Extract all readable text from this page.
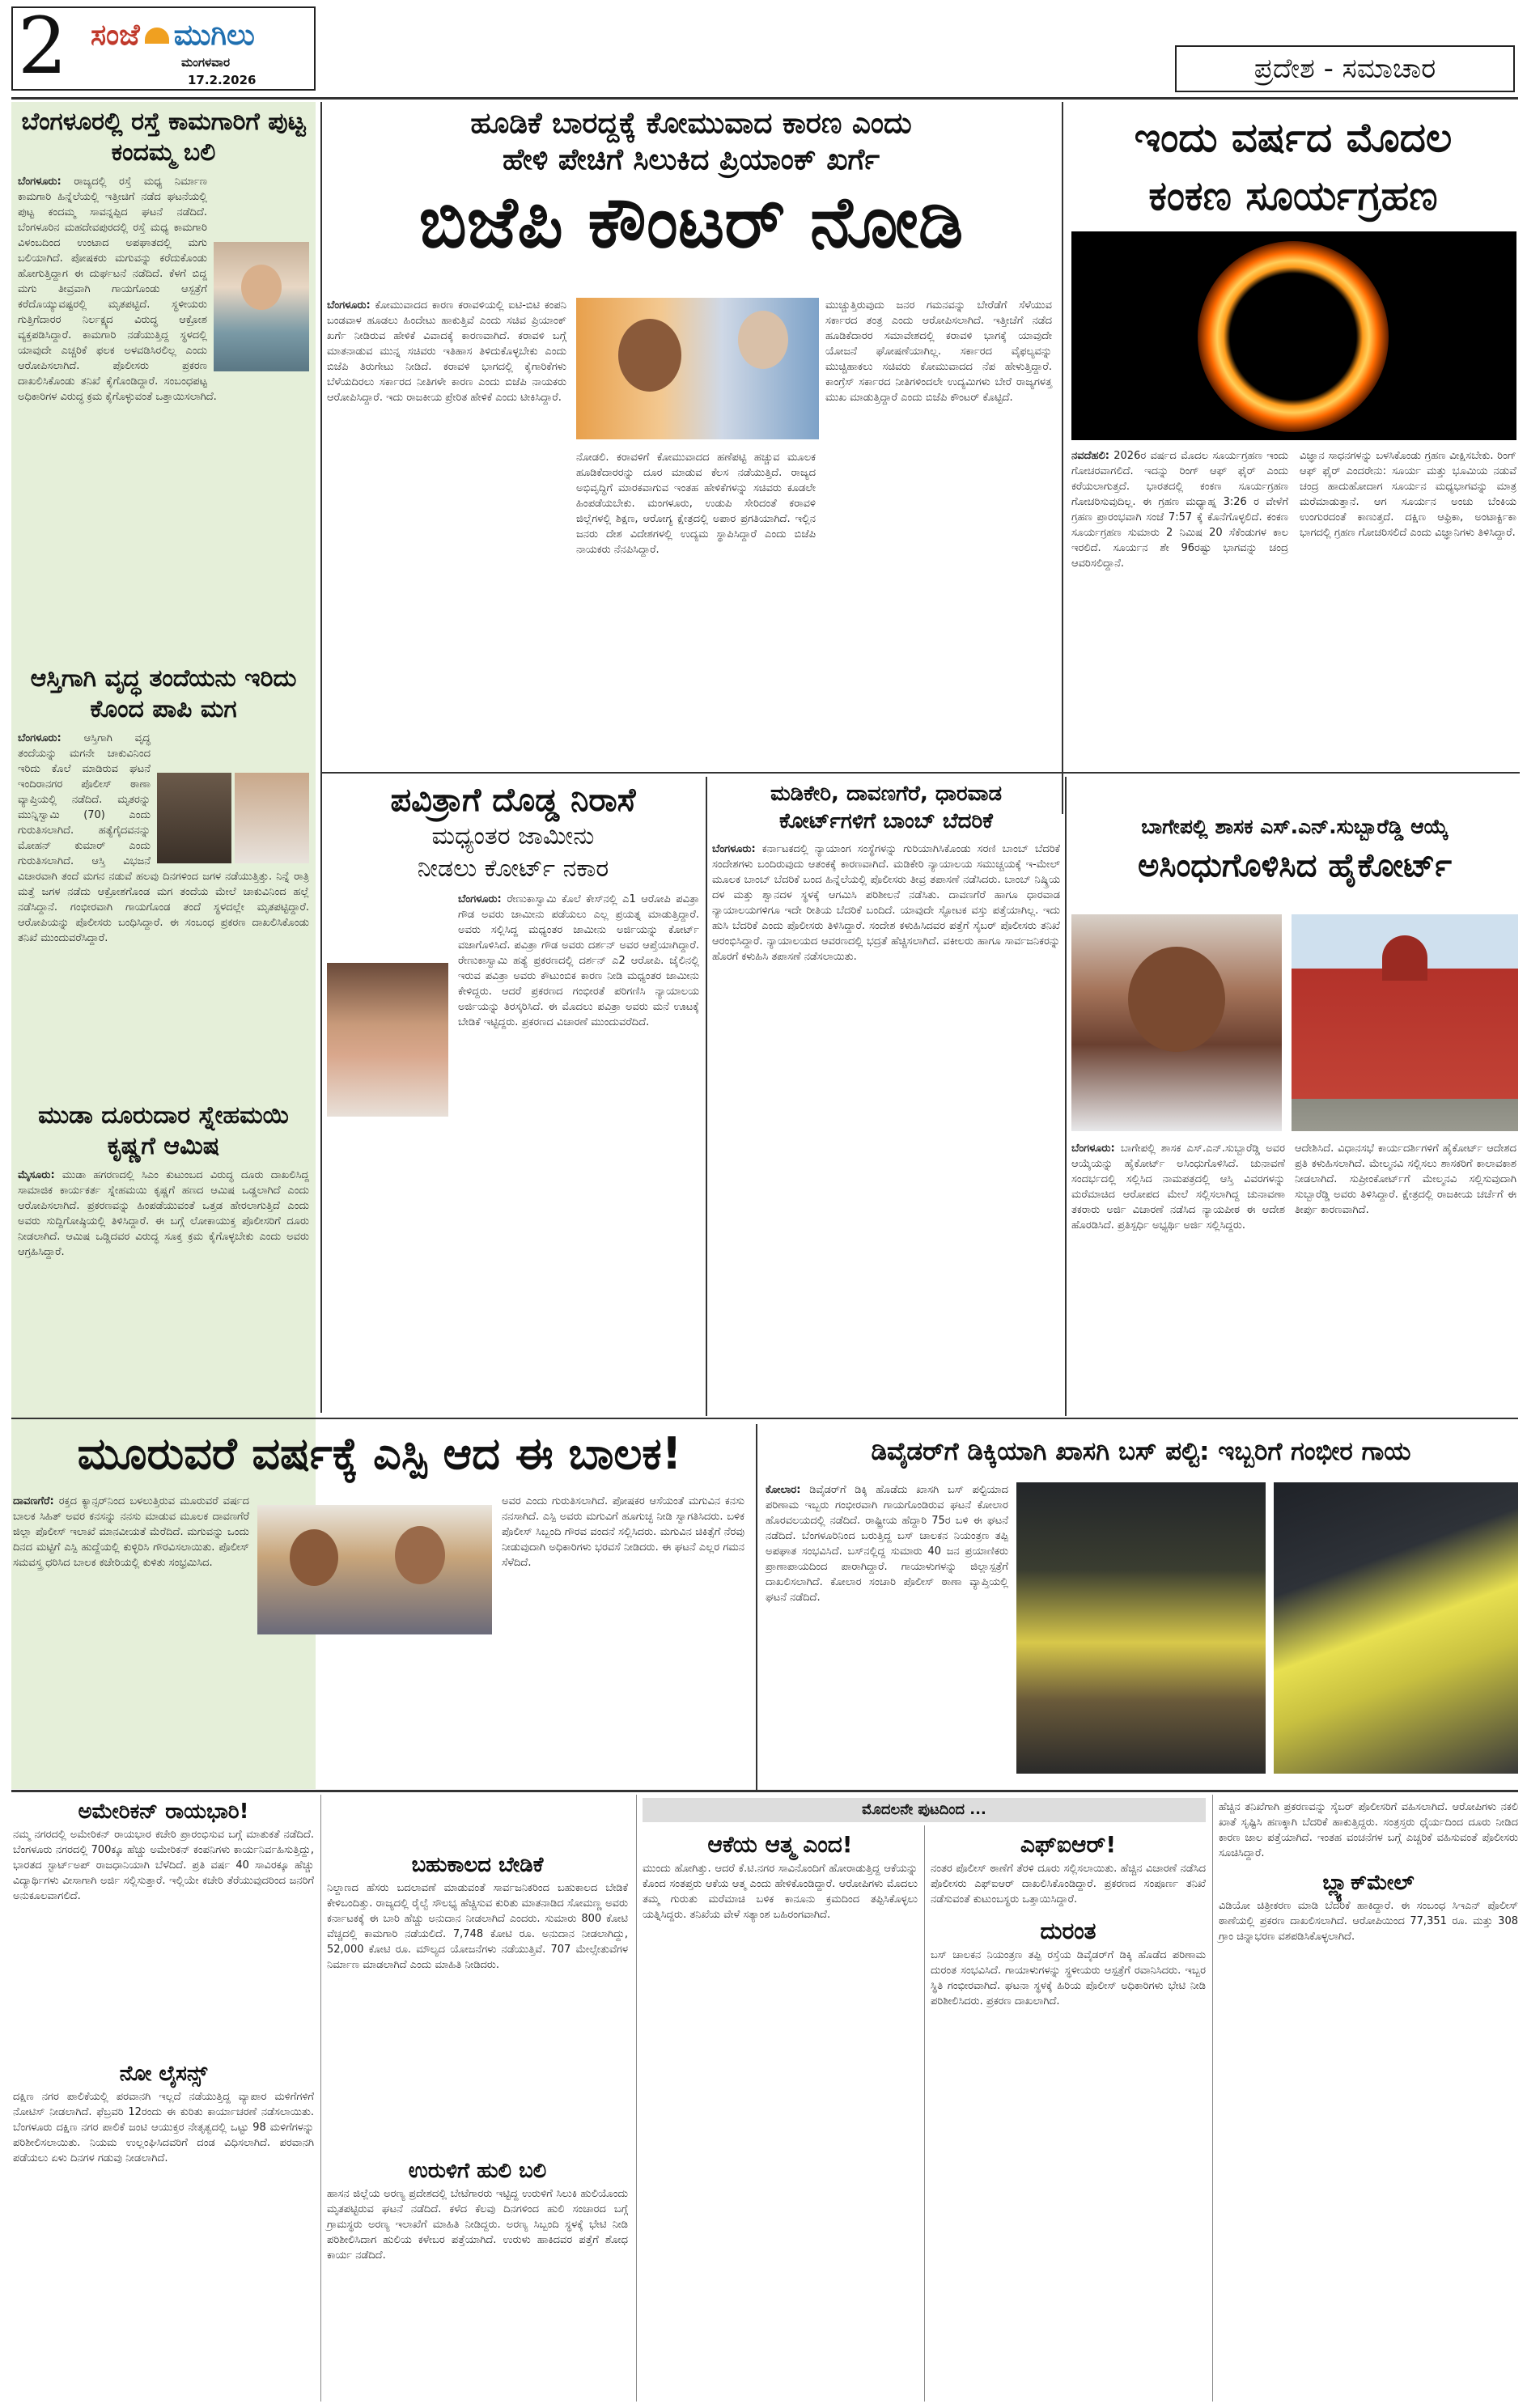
2 ಸಂಜೆ ಮುಗಿಲು
ಮಂಗಳವಾರ
17.2.2026	ಪ್ರದೇಶ - ಸಮಾಚಾರ
ಬೆಂಗಳೂರಲ್ಲಿ ರಸ್ತೆ ಕಾಮಗಾರಿಗೆ ಪುಟ್ಟ ಕಂದಮ್ಮ ಬಲಿ
ಬೆಂಗಳೂರು: ರಾಜ್ಯದಲ್ಲಿ ರಸ್ತೆ ಮಧ್ಯ ನಿರ್ಮಾಣ ಕಾಮಗಾರಿ ಹಿನ್ನೆಲೆಯಲ್ಲಿ ಇತ್ತೀಚಿಗೆ ನಡೆದ ಘಟನೆಯಲ್ಲಿ ಪುಟ್ಟ ಕಂದಮ್ಮ ಸಾವನ್ನಪ್ಪಿದ ಘಟನೆ ನಡೆದಿದೆ. ಬೆಂಗಳೂರಿನ ಮಹದೇವಪುರದಲ್ಲಿ ರಸ್ತೆ ಮಧ್ಯ ಕಾಮಗಾರಿ ವಿಳಂಬದಿಂದ ಉಂಟಾದ ಅಪಘಾತದಲ್ಲಿ ಮಗು ಬಲಿಯಾಗಿದೆ. ಪೋಷಕರು ಮಗುವನ್ನು ಕರೆದುಕೊಂಡು ಹೋಗುತ್ತಿದ್ದಾಗ ಈ ದುರ್ಘಟನೆ ನಡೆದಿದೆ. ಕೆಳಗೆ ಬಿದ್ದ ಮಗು ತೀವ್ರವಾಗಿ ಗಾಯಗೊಂಡು ಆಸ್ಪತ್ರೆಗೆ ಕರೆದೊಯ್ಯುವಷ್ಟರಲ್ಲಿ ಮೃತಪಟ್ಟಿದೆ. ಸ್ಥಳೀಯರು ಗುತ್ತಿಗೆದಾರರ ನಿರ್ಲಕ್ಷ್ಯದ ವಿರುದ್ಧ ಆಕ್ರೋಶ ವ್ಯಕ್ತಪಡಿಸಿದ್ದಾರೆ. ಕಾಮಗಾರಿ ನಡೆಯುತ್ತಿದ್ದ ಸ್ಥಳದಲ್ಲಿ ಯಾವುದೇ ಎಚ್ಚರಿಕೆ ಫಲಕ ಅಳವಡಿಸಿರಲಿಲ್ಲ ಎಂದು ಆರೋಪಿಸಲಾಗಿದೆ. ಪೊಲೀಸರು ಪ್ರಕರಣ ದಾಖಲಿಸಿಕೊಂಡು ತನಿಖೆ ಕೈಗೊಂಡಿದ್ದಾರೆ. ಸಂಬಂಧಪಟ್ಟ ಅಧಿಕಾರಿಗಳ ವಿರುದ್ಧ ಕ್ರಮ ಕೈಗೊಳ್ಳುವಂತೆ ಒತ್ತಾಯಿಸಲಾಗಿದೆ.
ಆಸ್ತಿಗಾಗಿ ವೃದ್ಧ ತಂದೆಯನು ಇರಿದು ಕೊಂದ ಪಾಪಿ ಮಗ
ಬೆಂಗಳೂರು: ಆಸ್ತಿಗಾಗಿ ವೃದ್ಧ ತಂದೆಯನ್ನು ಮಗನೇ ಚಾಕುವಿನಿಂದ ಇರಿದು ಕೊಲೆ ಮಾಡಿರುವ ಘಟನೆ ಇಂದಿರಾನಗರ ಪೊಲೀಸ್ ಠಾಣಾ ವ್ಯಾಪ್ತಿಯಲ್ಲಿ ನಡೆದಿದೆ. ಮೃತರನ್ನು ಮುನ್ನಿಸ್ವಾಮಿ (70) ಎಂದು ಗುರುತಿಸಲಾಗಿದೆ. ಹತ್ಯೆಗೈದವನನ್ನು ಮೋಹನ್ ಕುಮಾರ್ ಎಂದು ಗುರುತಿಸಲಾಗಿದೆ. ಆಸ್ತಿ ವಿಭಜನೆ ವಿಚಾರವಾಗಿ ತಂದೆ ಮಗನ ನಡುವೆ ಹಲವು ದಿನಗಳಿಂದ ಜಗಳ ನಡೆಯುತ್ತಿತ್ತು. ನಿನ್ನೆ ರಾತ್ರಿ ಮತ್ತೆ ಜಗಳ ನಡೆದು ಆಕ್ರೋಶಗೊಂಡ ಮಗ ತಂದೆಯ ಮೇಲೆ ಚಾಕುವಿನಿಂದ ಹಲ್ಲೆ ನಡೆಸಿದ್ದಾನೆ. ಗಂಭೀರವಾಗಿ ಗಾಯಗೊಂಡ ತಂದೆ ಸ್ಥಳದಲ್ಲೇ ಮೃತಪಟ್ಟಿದ್ದಾರೆ. ಆರೋಪಿಯನ್ನು ಪೊಲೀಸರು ಬಂಧಿಸಿದ್ದಾರೆ. ಈ ಸಂಬಂಧ ಪ್ರಕರಣ ದಾಖಲಿಸಿಕೊಂಡು ತನಿಖೆ ಮುಂದುವರೆಸಿದ್ದಾರೆ.
ಮುಡಾ ದೂರುದಾರ ಸ್ನೇಹಮಯಿ ಕೃಷ್ಣಗೆ ಆಮಿಷ
ಮೈಸೂರು: ಮುಡಾ ಹಗರಣದಲ್ಲಿ ಸಿಎಂ ಕುಟುಂಬದ ವಿರುದ್ಧ ದೂರು ದಾಖಲಿಸಿದ್ದ ಸಾಮಾಜಿಕ ಕಾರ್ಯಕರ್ತ ಸ್ನೇಹಮಯಿ ಕೃಷ್ಣಗೆ ಹಣದ ಆಮಿಷ ಒಡ್ಡಲಾಗಿದೆ ಎಂದು ಆರೋಪಿಸಲಾಗಿದೆ. ಪ್ರಕರಣವನ್ನು ಹಿಂಪಡೆಯುವಂತೆ ಒತ್ತಡ ಹೇರಲಾಗುತ್ತಿದೆ ಎಂದು ಅವರು ಸುದ್ದಿಗೋಷ್ಠಿಯಲ್ಲಿ ತಿಳಿಸಿದ್ದಾರೆ. ಈ ಬಗ್ಗೆ ಲೋಕಾಯುಕ್ತ ಪೊಲೀಸರಿಗೆ ದೂರು ನೀಡಲಾಗಿದೆ. ಆಮಿಷ ಒಡ್ಡಿದವರ ವಿರುದ್ಧ ಸೂಕ್ತ ಕ್ರಮ ಕೈಗೊಳ್ಳಬೇಕು ಎಂದು ಅವರು ಆಗ್ರಹಿಸಿದ್ದಾರೆ.
ಹೂಡಿಕೆ ಬಾರದ್ದಕ್ಕೆ ಕೋಮುವಾದ ಕಾರಣ ಎಂದು
ಹೇಳಿ ಪೇಚಿಗೆ ಸಿಲುಕಿದ ಪ್ರಿಯಾಂಕ್ ಖರ್ಗೆ
ಬಿಜೆಪಿ ಕೌಂಟರ್ ನೋಡಿ
ಬೆಂಗಳೂರು: ಕೋಮುವಾದದ ಕಾರಣ ಕರಾವಳಿಯಲ್ಲಿ ಐಟಿ-ಬಿಟಿ ಕಂಪನಿ ಬಂಡವಾಳ ಹೂಡಲು ಹಿಂದೇಟು ಹಾಕುತ್ತಿವೆ ಎಂದು ಸಚಿವ ಪ್ರಿಯಾಂಕ್ ಖರ್ಗೆ ನೀಡಿರುವ ಹೇಳಿಕೆ ವಿವಾದಕ್ಕೆ ಕಾರಣವಾಗಿದೆ. ಕರಾವಳಿ ಬಗ್ಗೆ ಮಾತನಾಡುವ ಮುನ್ನ ಸಚಿವರು ಇತಿಹಾಸ ತಿಳಿದುಕೊಳ್ಳಬೇಕು ಎಂದು ಬಿಜೆಪಿ ತಿರುಗೇಟು ನೀಡಿದೆ. ಕರಾವಳಿ ಭಾಗದಲ್ಲಿ ಕೈಗಾರಿಕೆಗಳು ಬೆಳೆಯದಿರಲು ಸರ್ಕಾರದ ನೀತಿಗಳೇ ಕಾರಣ ಎಂದು ಬಿಜೆಪಿ ನಾಯಕರು ಆರೋಪಿಸಿದ್ದಾರೆ. ಇದು ರಾಜಕೀಯ ಪ್ರೇರಿತ ಹೇಳಿಕೆ ಎಂದು ಟೀಕಿಸಿದ್ದಾರೆ.
ನೋಡಲಿ. ಕರಾವಳಿಗೆ ಕೋಮುವಾದದ ಹಣೆಪಟ್ಟಿ ಹಚ್ಚುವ ಮೂಲಕ ಹೂಡಿಕೆದಾರರನ್ನು ದೂರ ಮಾಡುವ ಕೆಲಸ ನಡೆಯುತ್ತಿದೆ. ರಾಜ್ಯದ ಅಭಿವೃದ್ಧಿಗೆ ಮಾರಕವಾಗುವ ಇಂತಹ ಹೇಳಿಕೆಗಳನ್ನು ಸಚಿವರು ಕೂಡಲೇ ಹಿಂಪಡೆಯಬೇಕು. ಮಂಗಳೂರು, ಉಡುಪಿ ಸೇರಿದಂತೆ ಕರಾವಳಿ ಜಿಲ್ಲೆಗಳಲ್ಲಿ ಶಿಕ್ಷಣ, ಆರೋಗ್ಯ ಕ್ಷೇತ್ರದಲ್ಲಿ ಅಪಾರ ಪ್ರಗತಿಯಾಗಿದೆ. ಇಲ್ಲಿನ ಜನರು ದೇಶ ವಿದೇಶಗಳಲ್ಲಿ ಉದ್ಯಮ ಸ್ಥಾಪಿಸಿದ್ದಾರೆ ಎಂದು ಬಿಜೆಪಿ ನಾಯಕರು ನೆನಪಿಸಿದ್ದಾರೆ.
ಮುಚ್ಚುತ್ತಿರುವುದು ಜನರ ಗಮನವನ್ನು ಬೇರೆಡೆಗೆ ಸೆಳೆಯುವ ಸರ್ಕಾರದ ತಂತ್ರ ಎಂದು ಆರೋಪಿಸಲಾಗಿದೆ. ಇತ್ತೀಚೆಗೆ ನಡೆದ ಹೂಡಿಕೆದಾರರ ಸಮಾವೇಶದಲ್ಲಿ ಕರಾವಳಿ ಭಾಗಕ್ಕೆ ಯಾವುದೇ ಯೋಜನೆ ಘೋಷಣೆಯಾಗಿಲ್ಲ. ಸರ್ಕಾರದ ವೈಫಲ್ಯವನ್ನು ಮುಚ್ಚಿಹಾಕಲು ಸಚಿವರು ಕೋಮುವಾದದ ನೆಪ ಹೇಳುತ್ತಿದ್ದಾರೆ. ಕಾಂಗ್ರೆಸ್ ಸರ್ಕಾರದ ನೀತಿಗಳಿಂದಲೇ ಉದ್ಯಮಿಗಳು ಬೇರೆ ರಾಜ್ಯಗಳತ್ತ ಮುಖ ಮಾಡುತ್ತಿದ್ದಾರೆ ಎಂದು ಬಿಜೆಪಿ ಕೌಂಟರ್ ಕೊಟ್ಟಿದೆ.
ಇಂದು ವರ್ಷದ ಮೊದಲ
ಕಂಕಣ ಸೂರ್ಯಗ್ರಹಣ
ನವದೆಹಲಿ: 2026ರ ವರ್ಷದ ಮೊದಲ ಸೂರ್ಯಗ್ರಹಣ ಇಂದು ಗೋಚರವಾಗಲಿದೆ. ಇದನ್ನು ರಿಂಗ್ ಆಫ್ ಫೈರ್ ಎಂದು ಕರೆಯಲಾಗುತ್ತದೆ. ಭಾರತದಲ್ಲಿ ಕಂಕಣ ಸೂರ್ಯಗ್ರಹಣ ಗೋಚರಿಸುವುದಿಲ್ಲ. ಈ ಗ್ರಹಣ ಮಧ್ಯಾಹ್ನ 3:26 ರ ವೇಳೆಗೆ ಗ್ರಹಣ ಪ್ರಾರಂಭವಾಗಿ ಸಂಜೆ 7:57 ಕ್ಕೆ ಕೊನೆಗೊಳ್ಳಲಿದೆ. ಕಂಕಣ ಸೂರ್ಯಗ್ರಹಣ ಸುಮಾರು 2 ನಿಮಿಷ 20 ಸೆಕೆಂಡುಗಳ ಕಾಲ ಇರಲಿದೆ. ಸೂರ್ಯನ ಶೇ 96ರಷ್ಟು ಭಾಗವನ್ನು ಚಂದ್ರ ಆವರಿಸಲಿದ್ದಾನೆ.
ವಿಜ್ಞಾನ ಸಾಧನಗಳನ್ನು ಬಳಸಿಕೊಂಡು ಗ್ರಹಣ ವೀಕ್ಷಿಸಬೇಕು. ರಿಂಗ್ ಆಫ್ ಫೈರ್ ಎಂದರೇನು: ಸೂರ್ಯ ಮತ್ತು ಭೂಮಿಯ ನಡುವೆ ಚಂದ್ರ ಹಾದುಹೋದಾಗ ಸೂರ್ಯನ ಮಧ್ಯಭಾಗವನ್ನು ಮಾತ್ರ ಮರೆಮಾಡುತ್ತಾನೆ. ಆಗ ಸೂರ್ಯನ ಅಂಚು ಬೆಂಕಿಯ ಉಂಗುರದಂತೆ ಕಾಣುತ್ತದೆ. ದಕ್ಷಿಣ ಆಫ್ರಿಕಾ, ಅಂಟಾರ್ಕ್ಟಿಕಾ ಭಾಗದಲ್ಲಿ ಗ್ರಹಣ ಗೋಚರಿಸಲಿದೆ ಎಂದು ವಿಜ್ಞಾನಿಗಳು ತಿಳಿಸಿದ್ದಾರೆ.
ಪವಿತ್ರಾಗೆ ದೊಡ್ಡ ನಿರಾಸೆ
ಮಧ್ಯಂತರ ಜಾಮೀನು
ನೀಡಲು ಕೋರ್ಟ್ ನಕಾರ
ಬೆಂಗಳೂರು: ರೇಣುಕಾಸ್ವಾಮಿ ಕೊಲೆ ಕೇಸ್‌ನಲ್ಲಿ ಎ1 ಆರೋಪಿ ಪವಿತ್ರಾ ಗೌಡ ಅವರು ಜಾಮೀನು ಪಡೆಯಲು ಎಲ್ಲ ಪ್ರಯತ್ನ ಮಾಡುತ್ತಿದ್ದಾರೆ. ಅವರು ಸಲ್ಲಿಸಿದ್ದ ಮಧ್ಯಂತರ ಜಾಮೀನು ಅರ್ಜಿಯನ್ನು ಕೋರ್ಟ್ ವಜಾಗೊಳಿಸಿದೆ. ಪವಿತ್ರಾ ಗೌಡ ಅವರು ದರ್ಶನ್ ಅವರ ಆಪ್ತೆಯಾಗಿದ್ದಾರೆ. ರೇಣುಕಾಸ್ವಾಮಿ ಹತ್ಯೆ ಪ್ರಕರಣದಲ್ಲಿ ದರ್ಶನ್ ಎ2 ಆರೋಪಿ. ಜೈಲಿನಲ್ಲಿ ಇರುವ ಪವಿತ್ರಾ ಅವರು ಕೌಟುಂಬಿಕ ಕಾರಣ ನೀಡಿ ಮಧ್ಯಂತರ ಜಾಮೀನು ಕೇಳಿದ್ದರು. ಆದರೆ ಪ್ರಕರಣದ ಗಂಭೀರತೆ ಪರಿಗಣಿಸಿ ನ್ಯಾಯಾಲಯ ಅರ್ಜಿಯನ್ನು ತಿರಸ್ಕರಿಸಿದೆ. ಈ ಮೊದಲು ಪವಿತ್ರಾ ಅವರು ಮನೆ ಊಟಕ್ಕೆ ಬೇಡಿಕೆ ಇಟ್ಟಿದ್ದರು. ಪ್ರಕರಣದ ವಿಚಾರಣೆ ಮುಂದುವರೆದಿದೆ.
ಮಡಿಕೇರಿ, ದಾವಣಗೆರೆ, ಧಾರವಾಡ
ಕೋರ್ಟ್‌ಗಳಿಗೆ ಬಾಂಬ್ ಬೆದರಿಕೆ
ಬೆಂಗಳೂರು: ಕರ್ನಾಟಕದಲ್ಲಿ ನ್ಯಾಯಾಂಗ ಸಂಸ್ಥೆಗಳನ್ನು ಗುರಿಯಾಗಿಸಿಕೊಂಡು ಸರಣಿ ಬಾಂಬ್ ಬೆದರಿಕೆ ಸಂದೇಶಗಳು ಬಂದಿರುವುದು ಆತಂಕಕ್ಕೆ ಕಾರಣವಾಗಿದೆ. ಮಡಿಕೇರಿ ನ್ಯಾಯಾಲಯ ಸಮುಚ್ಚಯಕ್ಕೆ ಇ-ಮೇಲ್ ಮೂಲಕ ಬಾಂಬ್ ಬೆದರಿಕೆ ಬಂದ ಹಿನ್ನೆಲೆಯಲ್ಲಿ ಪೊಲೀಸರು ತೀವ್ರ ತಪಾಸಣೆ ನಡೆಸಿದರು. ಬಾಂಬ್ ನಿಷ್ಕ್ರಿಯ ದಳ ಮತ್ತು ಶ್ವಾನದಳ ಸ್ಥಳಕ್ಕೆ ಆಗಮಿಸಿ ಪರಿಶೀಲನೆ ನಡೆಸಿತು. ದಾವಣಗೆರೆ ಹಾಗೂ ಧಾರವಾಡ ನ್ಯಾಯಾಲಯಗಳಿಗೂ ಇದೇ ರೀತಿಯ ಬೆದರಿಕೆ ಬಂದಿದೆ. ಯಾವುದೇ ಸ್ಫೋಟಕ ವಸ್ತು ಪತ್ತೆಯಾಗಿಲ್ಲ. ಇದು ಹುಸಿ ಬೆದರಿಕೆ ಎಂದು ಪೊಲೀಸರು ತಿಳಿಸಿದ್ದಾರೆ. ಸಂದೇಶ ಕಳುಹಿಸಿದವರ ಪತ್ತೆಗೆ ಸೈಬರ್ ಪೊಲೀಸರು ತನಿಖೆ ಆರಂಭಿಸಿದ್ದಾರೆ. ನ್ಯಾಯಾಲಯದ ಆವರಣದಲ್ಲಿ ಭದ್ರತೆ ಹೆಚ್ಚಿಸಲಾಗಿದೆ. ವಕೀಲರು ಹಾಗೂ ಸಾರ್ವಜನಿಕರನ್ನು ಹೊರಗೆ ಕಳುಹಿಸಿ ತಪಾಸಣೆ ನಡೆಸಲಾಯಿತು.
ಬಾಗೇಪಲ್ಲಿ ಶಾಸಕ ಎಸ್.ಎನ್.ಸುಬ್ಬಾರೆಡ್ಡಿ ಆಯ್ಕೆ
ಅಸಿಂಧುಗೊಳಿಸಿದ ಹೈಕೋರ್ಟ್
ಬೆಂಗಳೂರು: ಬಾಗೇಪಲ್ಲಿ ಶಾಸಕ ಎಸ್.ಎನ್.ಸುಬ್ಬಾರೆಡ್ಡಿ ಅವರ ಆಯ್ಕೆಯನ್ನು ಹೈಕೋರ್ಟ್ ಅಸಿಂಧುಗೊಳಿಸಿದೆ. ಚುನಾವಣೆ ಸಂದರ್ಭದಲ್ಲಿ ಸಲ್ಲಿಸಿದ ನಾಮಪತ್ರದಲ್ಲಿ ಆಸ್ತಿ ವಿವರಗಳನ್ನು ಮರೆಮಾಚಿದ ಆರೋಪದ ಮೇಲೆ ಸಲ್ಲಿಸಲಾಗಿದ್ದ ಚುನಾವಣಾ ತಕರಾರು ಅರ್ಜಿ ವಿಚಾರಣೆ ನಡೆಸಿದ ನ್ಯಾಯಪೀಠ ಈ ಆದೇಶ ಹೊರಡಿಸಿದೆ. ಪ್ರತಿಸ್ಪರ್ಧಿ ಅಭ್ಯರ್ಥಿ ಅರ್ಜಿ ಸಲ್ಲಿಸಿದ್ದರು.
ಆದೇಶಿಸಿದೆ. ವಿಧಾನಸಭೆ ಕಾರ್ಯದರ್ಶಿಗಳಿಗೆ ಹೈಕೋರ್ಟ್ ಆದೇಶದ ಪ್ರತಿ ಕಳುಹಿಸಲಾಗಿದೆ. ಮೇಲ್ಮನವಿ ಸಲ್ಲಿಸಲು ಶಾಸಕರಿಗೆ ಕಾಲಾವಕಾಶ ನೀಡಲಾಗಿದೆ. ಸುಪ್ರೀಂಕೋರ್ಟ್‌ಗೆ ಮೇಲ್ಮನವಿ ಸಲ್ಲಿಸುವುದಾಗಿ ಸುಬ್ಬಾರೆಡ್ಡಿ ಅವರು ತಿಳಿಸಿದ್ದಾರೆ. ಕ್ಷೇತ್ರದಲ್ಲಿ ರಾಜಕೀಯ ಚರ್ಚೆಗೆ ಈ ತೀರ್ಪು ಕಾರಣವಾಗಿದೆ.
ಮೂರುವರೆ ವರ್ಷಕ್ಕೆ ಎಸ್ಪಿ ಆದ ಈ ಬಾಲಕ!
ದಾವಣಗೆರೆ: ರಕ್ತದ ಕ್ಯಾನ್ಸರ್‌ನಿಂದ ಬಳಲುತ್ತಿರುವ ಮೂರುವರೆ ವರ್ಷದ ಬಾಲಕ ಸಿಹಿತ್ ಅವರ ಕನಸನ್ನು ನನಸು ಮಾಡುವ ಮೂಲಕ ದಾವಣಗೆರೆ ಜಿಲ್ಲಾ ಪೊಲೀಸ್ ಇಲಾಖೆ ಮಾನವೀಯತೆ ಮೆರೆದಿದೆ. ಮಗುವನ್ನು ಒಂದು ದಿನದ ಮಟ್ಟಿಗೆ ಎಸ್ಪಿ ಹುದ್ದೆಯಲ್ಲಿ ಕುಳ್ಳಿರಿಸಿ ಗೌರವಿಸಲಾಯಿತು. ಪೊಲೀಸ್ ಸಮವಸ್ತ್ರ ಧರಿಸಿದ ಬಾಲಕ ಕಚೇರಿಯಲ್ಲಿ ಕುಳಿತು ಸಂಭ್ರಮಿಸಿದ.
ಅವರ ಎಂದು ಗುರುತಿಸಲಾಗಿದೆ. ಪೋಷಕರ ಆಸೆಯಂತೆ ಮಗುವಿನ ಕನಸು ನನಸಾಗಿದೆ. ಎಸ್ಪಿ ಅವರು ಮಗುವಿಗೆ ಹೂಗುಚ್ಛ ನೀಡಿ ಸ್ವಾಗತಿಸಿದರು. ಬಳಿಕ ಪೊಲೀಸ್ ಸಿಬ್ಬಂದಿ ಗೌರವ ವಂದನೆ ಸಲ್ಲಿಸಿದರು. ಮಗುವಿನ ಚಿಕಿತ್ಸೆಗೆ ನೆರವು ನೀಡುವುದಾಗಿ ಅಧಿಕಾರಿಗಳು ಭರವಸೆ ನೀಡಿದರು. ಈ ಘಟನೆ ಎಲ್ಲರ ಗಮನ ಸೆಳೆದಿದೆ.
ಡಿವೈಡರ್‌ಗೆ ಡಿಕ್ಕಿಯಾಗಿ ಖಾಸಗಿ ಬಸ್ ಪಲ್ಟಿ: ಇಬ್ಬರಿಗೆ ಗಂಭೀರ ಗಾಯ
ಕೋಲಾರ: ಡಿವೈಡರ್‌ಗೆ ಡಿಕ್ಕಿ ಹೊಡೆದು ಖಾಸಗಿ ಬಸ್ ಪಲ್ಟಿಯಾದ ಪರಿಣಾಮ ಇಬ್ಬರು ಗಂಭೀರವಾಗಿ ಗಾಯಗೊಂಡಿರುವ ಘಟನೆ ಕೋಲಾರ ಹೊರವಲಯದಲ್ಲಿ ನಡೆದಿದೆ. ರಾಷ್ಟ್ರೀಯ ಹೆದ್ದಾರಿ 75ರ ಬಳಿ ಈ ಘಟನೆ ನಡೆದಿದೆ. ಬೆಂಗಳೂರಿನಿಂದ ಬರುತ್ತಿದ್ದ ಬಸ್ ಚಾಲಕನ ನಿಯಂತ್ರಣ ತಪ್ಪಿ ಅಪಘಾತ ಸಂಭವಿಸಿದೆ. ಬಸ್‌ನಲ್ಲಿದ್ದ ಸುಮಾರು 40 ಜನ ಪ್ರಯಾಣಿಕರು ಪ್ರಾಣಾಪಾಯದಿಂದ ಪಾರಾಗಿದ್ದಾರೆ. ಗಾಯಾಳುಗಳನ್ನು ಜಿಲ್ಲಾಸ್ಪತ್ರೆಗೆ ದಾಖಲಿಸಲಾಗಿದೆ. ಕೋಲಾರ ಸಂಚಾರಿ ಪೊಲೀಸ್ ಠಾಣಾ ವ್ಯಾಪ್ತಿಯಲ್ಲಿ ಘಟನೆ ನಡೆದಿದೆ.
ಅಮೇರಿಕನ್ ರಾಯಭಾರಿ!
ನಮ್ಮ ನಗರದಲ್ಲಿ ಅಮೇರಿಕನ್ ರಾಯಭಾರ ಕಚೇರಿ ಪ್ರಾರಂಭಿಸುವ ಬಗ್ಗೆ ಮಾತುಕತೆ ನಡೆದಿದೆ. ಬೆಂಗಳೂರು ನಗರದಲ್ಲಿ 700ಕ್ಕೂ ಹೆಚ್ಚು ಅಮೇರಿಕನ್ ಕಂಪನಿಗಳು ಕಾರ್ಯನಿರ್ವಹಿಸುತ್ತಿದ್ದು, ಭಾರತದ ಸ್ಟಾರ್ಟ್‌ಅಪ್ ರಾಜಧಾನಿಯಾಗಿ ಬೆಳೆದಿದೆ. ಪ್ರತಿ ವರ್ಷ 40 ಸಾವಿರಕ್ಕೂ ಹೆಚ್ಚು ವಿದ್ಯಾರ್ಥಿಗಳು ವೀಸಾಗಾಗಿ ಅರ್ಜಿ ಸಲ್ಲಿಸುತ್ತಾರೆ. ಇಲ್ಲಿಯೇ ಕಚೇರಿ ತೆರೆಯುವುದರಿಂದ ಜನರಿಗೆ ಅನುಕೂಲವಾಗಲಿದೆ.
ನೋ ಲೈಸನ್ಸ್
ದಕ್ಷಿಣ ನಗರ ಪಾಲಿಕೆಯಲ್ಲಿ ಪರವಾನಗಿ ಇಲ್ಲದೆ ನಡೆಯುತ್ತಿದ್ದ ವ್ಯಾಪಾರ ಮಳಿಗೆಗಳಿಗೆ ನೋಟಿಸ್ ನೀಡಲಾಗಿದೆ. ಫೆಬ್ರವರಿ 12ರಂದು ಈ ಕುರಿತು ಕಾರ್ಯಾಚರಣೆ ನಡೆಸಲಾಯಿತು. ಬೆಂಗಳೂರು ದಕ್ಷಿಣ ನಗರ ಪಾಲಿಕೆ ಜಂಟಿ ಆಯುಕ್ತರ ನೇತೃತ್ವದಲ್ಲಿ ಒಟ್ಟು 98 ಮಳಿಗೆಗಳನ್ನು ಪರಿಶೀಲಿಸಲಾಯಿತು. ನಿಯಮ ಉಲ್ಲಂಘಿಸಿದವರಿಗೆ ದಂಡ ವಿಧಿಸಲಾಗಿದೆ. ಪರವಾನಗಿ ಪಡೆಯಲು ಏಳು ದಿನಗಳ ಗಡುವು ನೀಡಲಾಗಿದೆ.
ಬಹುಕಾಲದ ಬೇಡಿಕೆ
ನಿಲ್ದಾಣದ ಹೆಸರು ಬದಲಾವಣೆ ಮಾಡುವಂತೆ ಸಾರ್ವಜನಿಕರಿಂದ ಬಹುಕಾಲದ ಬೇಡಿಕೆ ಕೇಳಿಬಂದಿತ್ತು. ರಾಜ್ಯದಲ್ಲಿ ರೈಲ್ವೆ ಸೌಲಭ್ಯ ಹೆಚ್ಚಿಸುವ ಕುರಿತು ಮಾತನಾಡಿದ ಸೋಮಣ್ಣ ಅವರು ಕರ್ನಾಟಕಕ್ಕೆ ಈ ಬಾರಿ ಹೆಚ್ಚು ಅನುದಾನ ನೀಡಲಾಗಿದೆ ಎಂದರು. ಸುಮಾರು 800 ಕೋಟಿ ವೆಚ್ಚದಲ್ಲಿ ಕಾಮಗಾರಿ ನಡೆಯಲಿದೆ. 7,748 ಕೋಟಿ ರೂ. ಅನುದಾನ ನೀಡಲಾಗಿದ್ದು, 52,000 ಕೋಟಿ ರೂ. ಮೌಲ್ಯದ ಯೋಜನೆಗಳು ನಡೆಯುತ್ತಿವೆ. 707 ಮೇಲ್ಸೇತುವೆಗಳ ನಿರ್ಮಾಣ ಮಾಡಲಾಗಿದೆ ಎಂದು ಮಾಹಿತಿ ನೀಡಿದರು.
ಉರುಳಿಗೆ ಹುಲಿ ಬಲಿ
ಹಾಸನ ಜಿಲ್ಲೆಯ ಅರಣ್ಯ ಪ್ರದೇಶದಲ್ಲಿ ಬೇಟೆಗಾರರು ಇಟ್ಟಿದ್ದ ಉರುಳಿಗೆ ಸಿಲುಕಿ ಹುಲಿಯೊಂದು ಮೃತಪಟ್ಟಿರುವ ಘಟನೆ ನಡೆದಿದೆ. ಕಳೆದ ಕೆಲವು ದಿನಗಳಿಂದ ಹುಲಿ ಸಂಚಾರದ ಬಗ್ಗೆ ಗ್ರಾಮಸ್ಥರು ಅರಣ್ಯ ಇಲಾಖೆಗೆ ಮಾಹಿತಿ ನೀಡಿದ್ದರು. ಅರಣ್ಯ ಸಿಬ್ಬಂದಿ ಸ್ಥಳಕ್ಕೆ ಭೇಟಿ ನೀಡಿ ಪರಿಶೀಲಿಸಿದಾಗ ಹುಲಿಯ ಕಳೇಬರ ಪತ್ತೆಯಾಗಿದೆ. ಉರುಳು ಹಾಕಿದವರ ಪತ್ತೆಗೆ ಶೋಧ ಕಾರ್ಯ ನಡೆದಿದೆ.
ಮೊದಲನೇ ಪುಟದಿಂದ ...
ಆಕೆಯ ಆತ್ಮ ಎಂದ!
ಮುಂದು ಹೋಗಿತ್ತು. ಆದರೆ ಕೆ.ಟಿ.ನಗರ ಸಾವಿನೊಂದಿಗೆ ಹೋರಾಡುತ್ತಿದ್ದ ಆಕೆಯನ್ನು ಕೊಂದ ಸಂತಪ್ತರು ಆಕೆಯ ಆತ್ಮ ಎಂದು ಹೇಳಿಕೊಂಡಿದ್ದಾರೆ. ಆರೋಪಿಗಳು ಮೊದಲು ತಮ್ಮ ಗುರುತು ಮರೆಮಾಚಿ ಬಳಿಕ ಕಾನೂನು ಕ್ರಮದಿಂದ ತಪ್ಪಿಸಿಕೊಳ್ಳಲು ಯತ್ನಿಸಿದ್ದರು. ತನಿಖೆಯ ವೇಳೆ ಸತ್ಯಾಂಶ ಬಹಿರಂಗವಾಗಿದೆ.
ಎಫ್‌ಐಆರ್!
ನಂತರ ಪೊಲೀಸ್ ಠಾಣೆಗೆ ತೆರಳಿ ದೂರು ಸಲ್ಲಿಸಲಾಯಿತು. ಹೆಚ್ಚಿನ ವಿಚಾರಣೆ ನಡೆಸಿದ ಪೊಲೀಸರು ಎಫ್‌ಐಆರ್ ದಾಖಲಿಸಿಕೊಂಡಿದ್ದಾರೆ. ಪ್ರಕರಣದ ಸಂಪೂರ್ಣ ತನಿಖೆ ನಡೆಸುವಂತೆ ಕುಟುಂಬಸ್ಥರು ಒತ್ತಾಯಿಸಿದ್ದಾರೆ.
ದುರಂತ
ಬಸ್ ಚಾಲಕನ ನಿಯಂತ್ರಣ ತಪ್ಪಿ ರಸ್ತೆಯ ಡಿವೈಡರ್‌ಗೆ ಡಿಕ್ಕಿ ಹೊಡೆದ ಪರಿಣಾಮ ದುರಂತ ಸಂಭವಿಸಿದೆ. ಗಾಯಾಳುಗಳನ್ನು ಸ್ಥಳೀಯರು ಆಸ್ಪತ್ರೆಗೆ ರವಾನಿಸಿದರು. ಇಬ್ಬರ ಸ್ಥಿತಿ ಗಂಭೀರವಾಗಿದೆ. ಘಟನಾ ಸ್ಥಳಕ್ಕೆ ಹಿರಿಯ ಪೊಲೀಸ್ ಅಧಿಕಾರಿಗಳು ಭೇಟಿ ನೀಡಿ ಪರಿಶೀಲಿಸಿದರು. ಪ್ರಕರಣ ದಾಖಲಾಗಿದೆ.
ಹೆಚ್ಚಿನ ತನಿಖೆಗಾಗಿ ಪ್ರಕರಣವನ್ನು ಸೈಬರ್ ಪೊಲೀಸರಿಗೆ ವಹಿಸಲಾಗಿದೆ. ಆರೋಪಿಗಳು ನಕಲಿ ಖಾತೆ ಸೃಷ್ಟಿಸಿ ಹಣಕ್ಕಾಗಿ ಬೆದರಿಕೆ ಹಾಕುತ್ತಿದ್ದರು. ಸಂತ್ರಸ್ತರು ಧೈರ್ಯದಿಂದ ದೂರು ನೀಡಿದ ಕಾರಣ ಜಾಲ ಪತ್ತೆಯಾಗಿದೆ. ಇಂತಹ ವಂಚನೆಗಳ ಬಗ್ಗೆ ಎಚ್ಚರಿಕೆ ವಹಿಸುವಂತೆ ಪೊಲೀಸರು ಸೂಚಿಸಿದ್ದಾರೆ.
ಬ್ಲ್ಯಾಕ್‌ಮೇಲ್
ವಿಡಿಯೋ ಚಿತ್ರೀಕರಣ ಮಾಡಿ ಬೆದರಿಕೆ ಹಾಕಿದ್ದಾರೆ. ಈ ಸಂಬಂಧ ಸಿಇಎನ್ ಪೊಲೀಸ್ ಠಾಣೆಯಲ್ಲಿ ಪ್ರಕರಣ ದಾಖಲಿಸಲಾಗಿದೆ. ಆರೋಪಿಯಿಂದ 77,351 ರೂ. ಮತ್ತು 308 ಗ್ರಾಂ ಚಿನ್ನಾಭರಣ ವಶಪಡಿಸಿಕೊಳ್ಳಲಾಗಿದೆ.
